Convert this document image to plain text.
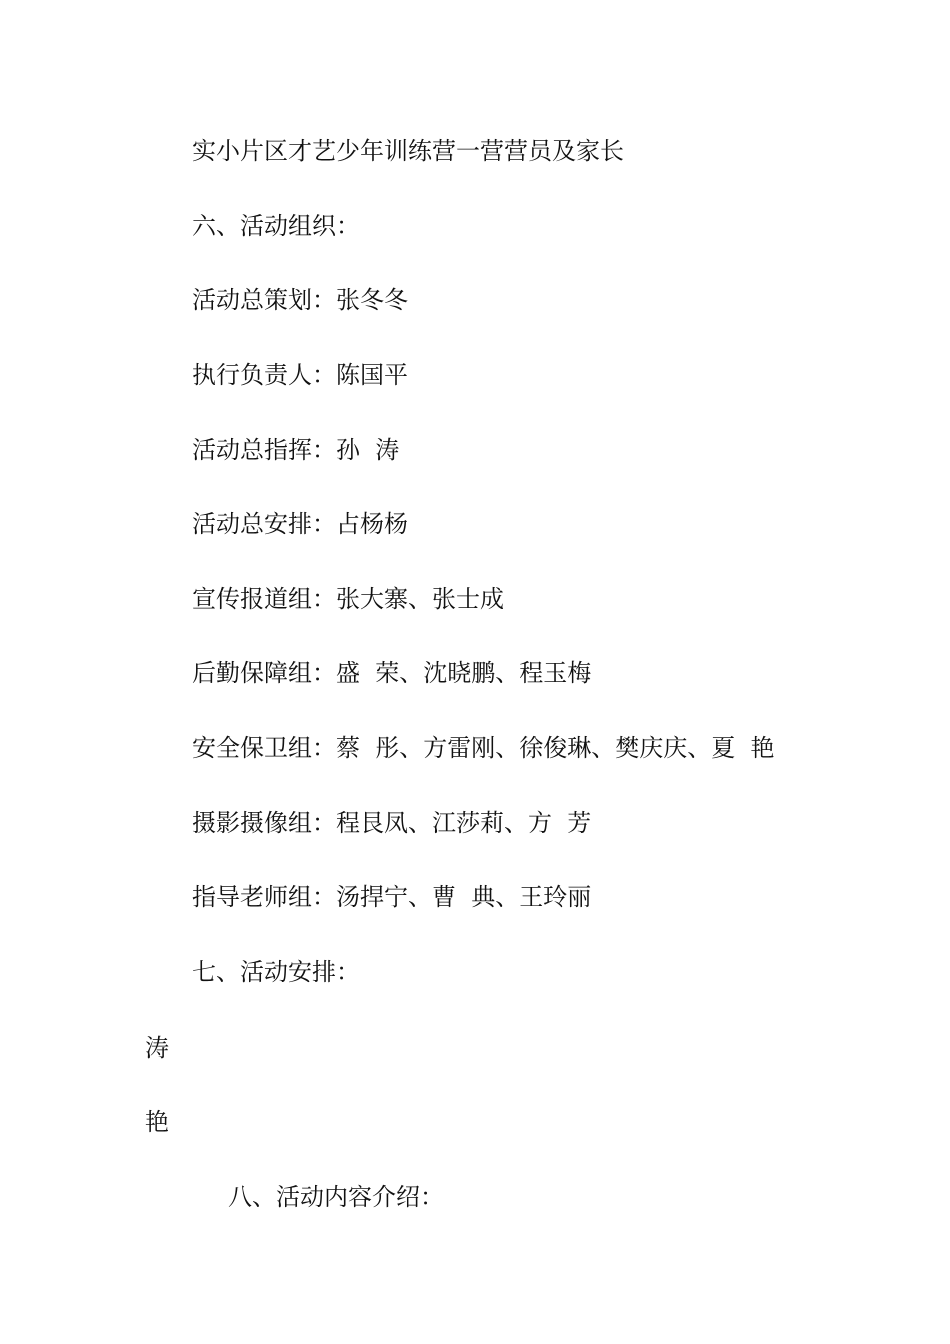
实小片区才艺少年训练营一营营员及家长
六、活动组织：
活动总策划：张冬冬
执行负责人：陈国平
活动总指挥：孙  涛
活动总安排：占杨杨
宣传报道组：张大寨、张士成
后勤保障组：盛  荣、沈晓鹏、程玉梅
安全保卫组：蔡  彤、方雷刚、徐俊琳、樊庆庆、夏  艳
摄影摄像组：程艮凤、江莎莉、方  芳
指导老师组：汤捍宁、曹  典、王玲丽
七、活动安排：
涛
艳
八、活动内容介绍：
